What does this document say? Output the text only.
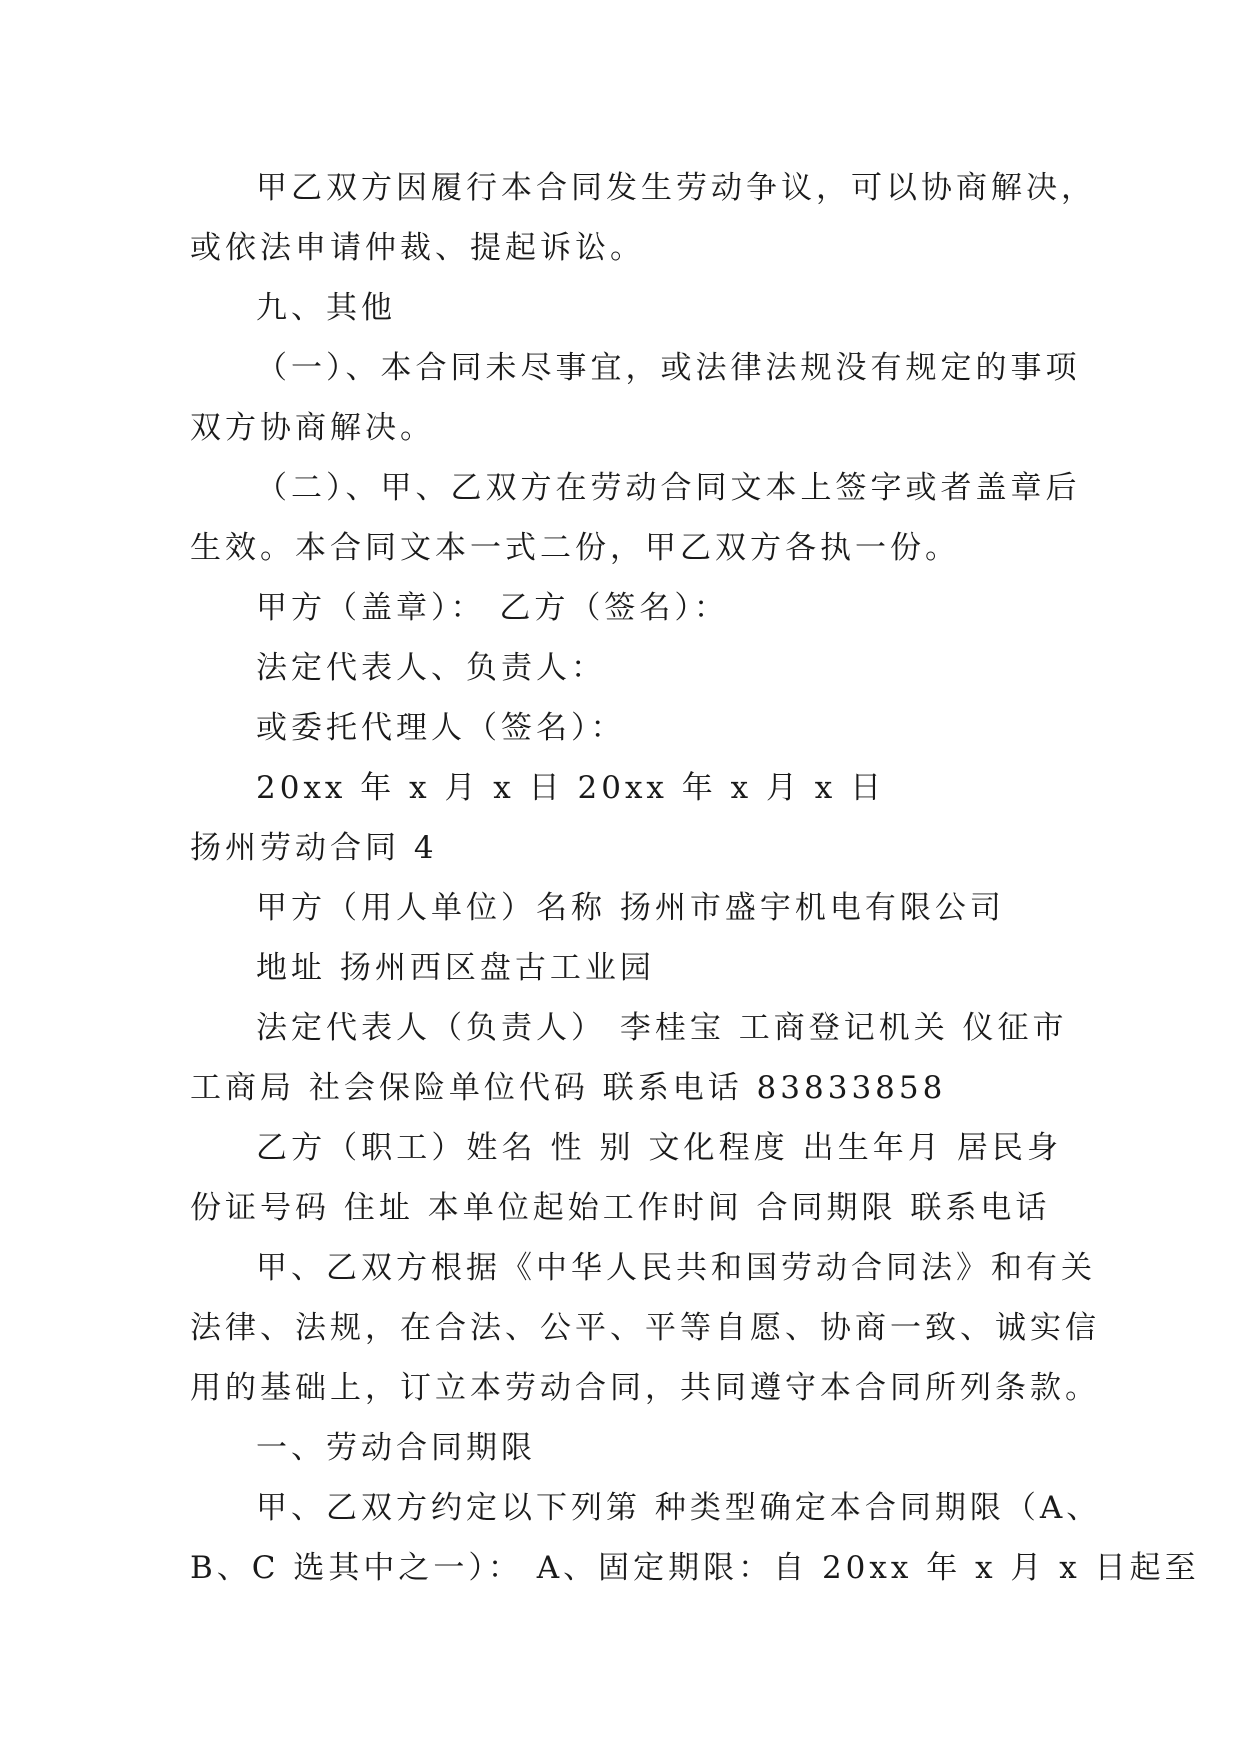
甲乙双方因履行本合同发生劳动争议，可以协商解决，
或依法申请仲裁、提起诉讼。
九、其他
（一）、本合同未尽事宜，或法律法规没有规定的事项
双方协商解决。
（二）、甲、乙双方在劳动合同文本上签字或者盖章后
生效。本合同文本一式二份，甲乙双方各执一份。
甲方（盖章）： 乙方（签名）：
法定代表人、负责人：
或委托代理人（签名）：
20xx 年 x 月 x 日 20xx 年 x 月 x 日
扬州劳动合同 4
甲方（用人单位）名称 扬州市盛宇机电有限公司
地址 扬州西区盘古工业园
法定代表人（负责人） 李桂宝 工商登记机关 仪征市
工商局 社会保险单位代码 联系电话 83833858
乙方（职工）姓名 性 别 文化程度 出生年月 居民身
份证号码 住址 本单位起始工作时间 合同期限 联系电话
甲、乙双方根据《中华人民共和国劳动合同法》和有关
法律、法规，在合法、公平、平等自愿、协商一致、诚实信
用的基础上，订立本劳动合同，共同遵守本合同所列条款。
一、劳动合同期限
甲、乙双方约定以下列第 种类型确定本合同期限（A、
B、C 选其中之一）： A、固定期限：自 20xx 年 x 月 x 日起至
